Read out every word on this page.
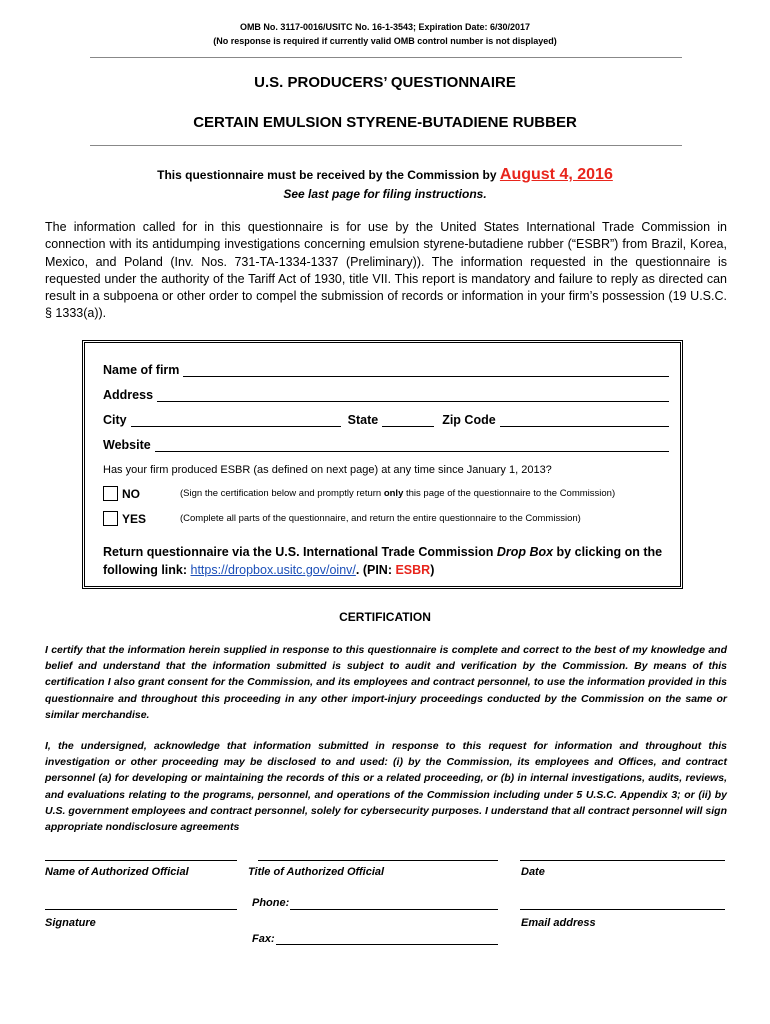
OMB No. 3117-0016/USITC No. 16-1-3543; Expiration Date: 6/30/2017
(No response is required if currently valid OMB control number is not displayed)
U.S. PRODUCERS’ QUESTIONNAIRE
CERTAIN EMULSION STYRENE-BUTADIENE RUBBER
This questionnaire must be received by the Commission by August 4, 2016
See last page for filing instructions.
The information called for in this questionnaire is for use by the United States International Trade Commission in connection with its antidumping investigations concerning emulsion styrene-butadiene rubber (“ESBR”) from Brazil, Korea, Mexico, and Poland (Inv. Nos. 731-TA-1334-1337 (Preliminary)). The information requested in the questionnaire is requested under the authority of the Tariff Act of 1930, title VII. This report is mandatory and failure to reply as directed can result in a subpoena or other order to compel the submission of records or information in your firm’s possession (19 U.S.C. § 1333(a)).
Name of firm
Address
City	State	Zip Code
Website
Has your firm produced ESBR (as defined on next page) at any time since January 1, 2013?
NO	(Sign the certification below and promptly return only this page of the questionnaire to the Commission)
YES	(Complete all parts of the questionnaire, and return the entire questionnaire to the Commission)
Return questionnaire via the U.S. International Trade Commission Drop Box by clicking on the following link: https://dropbox.usitc.gov/oinv/. (PIN: ESBR)
CERTIFICATION
I certify that the information herein supplied in response to this questionnaire is complete and correct to the best of my knowledge and belief and understand that the information submitted is subject to audit and verification by the Commission. By means of this certification I also grant consent for the Commission, and its employees and contract personnel, to use the information provided in this questionnaire and throughout this proceeding in any other import-injury proceedings conducted by the Commission on the same or similar merchandise.
I, the undersigned, acknowledge that information submitted in response to this request for information and throughout this investigation or other proceeding may be disclosed to and used: (i) by the Commission, its employees and Offices, and contract personnel (a) for developing or maintaining the records of this or a related proceeding, or (b) in internal investigations, audits, reviews, and evaluations relating to the programs, personnel, and operations of the Commission including under 5 U.S.C. Appendix 3; or (ii) by U.S. government employees and contract personnel, solely for cybersecurity purposes. I understand that all contract personnel will sign appropriate nondisclosure agreements
Name of Authorized Official	Title of Authorized Official	Date
Phone:
Signature	Email address
Fax:
